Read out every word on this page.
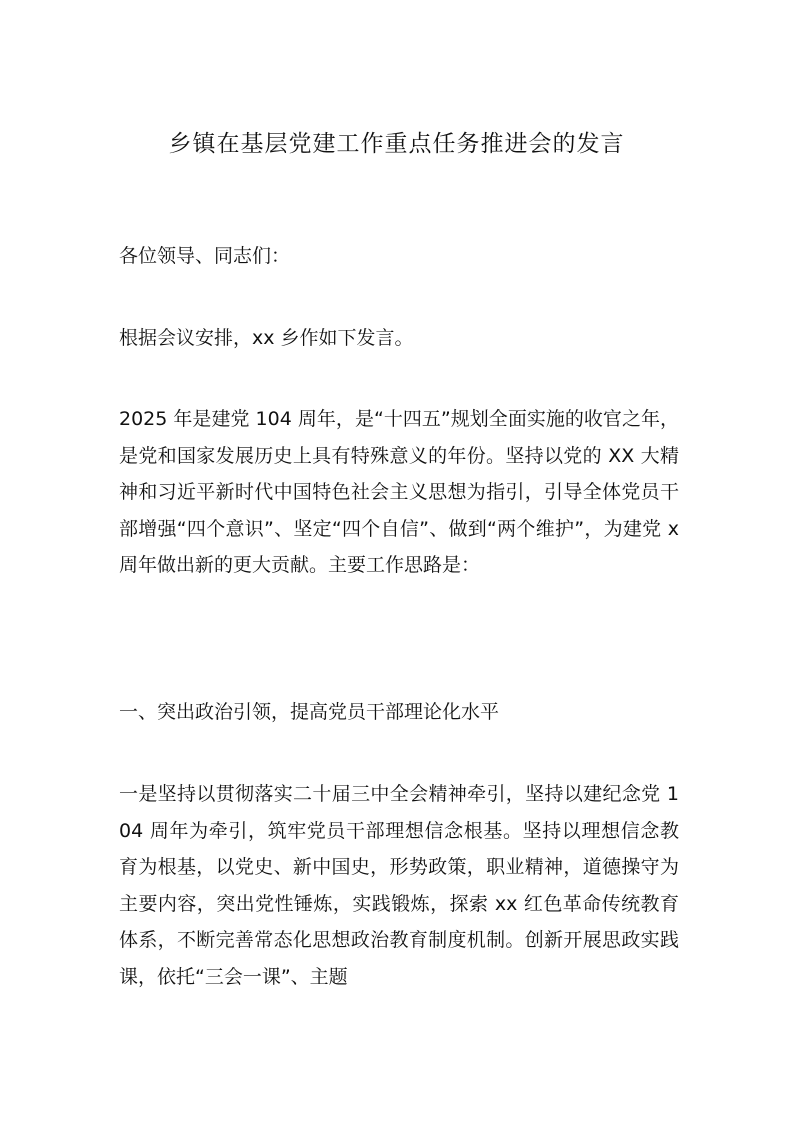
乡镇在基层党建工作重点任务推进会的发言

各位领导、同志们：

根据会议安排，xx 乡作如下发言。

2025 年是建党 104 周年，是“十四五”规划全面实施的收官之年，是党和国家发展历史上具有特殊意义的年份。坚持以党的 XX 大精神和习近平新时代中国特色社会主义思想为指引，引导全体党员干部增强“四个意识”、坚定“四个自信”、做到“两个维护”，为建党 x 周年做出新的更大贡献。主要工作思路是：

一、突出政治引领，提高党员干部理论化水平

一是坚持以贯彻落实二十届三中全会精神牵引，坚持以建纪念党 104 周年为牵引，筑牢党员干部理想信念根基。坚持以理想信念教育为根基，以党史、新中国史，形势政策，职业精神，道德操守为主要内容，突出党性锤炼，实践锻炼，探索 xx 红色革命传统教育体系，不断完善常态化思想政治教育制度机制。创新开展思政实践课，依托“三会一课”、主题
